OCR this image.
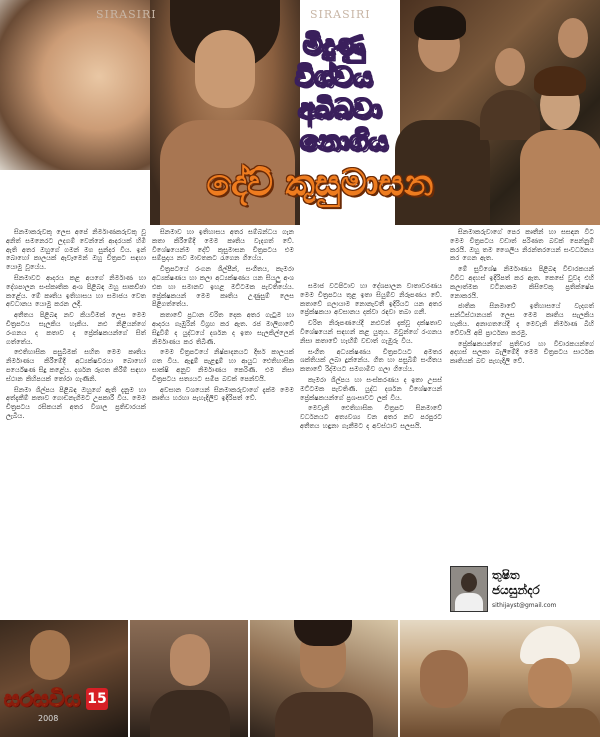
SIRASIRI	SIRASIRI
මිදුණු
විශ්වය
අබිබවා
නොගිය
දේව් කුසුමාසන

සිනමාකරුවකු ලෙස අපේ නිර්මාණකරුවකු වූ අනිත් සමනෙරට ලදගම් වෙන්නේ ආදරයක් හිමි ඇති අතර ඔහුගේ ගමන් මග සුන්දර විය. ඉන් බොහෝ කාලයක් ඇවෑමෙන් ඔහු චිත්‍රපට සඳහා යොමු වූයේය.

සිනමාවට ආදරය කළ අයගේ නිර්මාණ හා දේශපාලන සංස්කෘතික අංශ පිළිබඳ ඔහු සාකච්ඡා කළේය. මේ කෘතිය ඉතිහාසය හා සමාජය වෙත අවධානය යොමු කරන ලදී.

අතීතය පිළිබඳ නව කියවීමක් ලෙස මෙම චිත්‍රපටය සැලකිය හැකිය. නළු නිළියන්ගේ රංගනය ද කතාව ද ප්‍රේක්ෂකයන්ගේ සිත් ගත්තේය.

ඓතිහාසික පසුබිමක් සහිත මෙම කෘතිය නිර්මාණය කිරීමේදී අධ්‍යක්ෂවරයා බොහෝ පර්යේෂණ සිදු කළේය. දර්ශන රූගත කිරීම් සඳහා ස්ථාන කිහිපයක් තෝරා ගැණිනි.

සිනමා ශිල්පය පිළිබඳ ඔහුගේ ඇති දැනුම හා අත්දැකීම් කතාව ගොඩනැගීමට උපකාරී විය. මෙම චිත්‍රපටය රසිකයන් අතර විශාල ප්‍රතිචාරයක් ලැබීය.

සිනමාව හා ඉතිහාසය අතර සම්බන්ධය ගැන කතා කිරීමේදී මෙම කෘතිය වැදගත් වේ. විශේෂයෙන්ම දේව් කුසුමාසන චිත්‍රපටය එම සම්ප්‍රදාය නව මාවතකට රැගෙන ගියේය.

චිත්‍රපටයේ රංගන ශිල්පීන්, සංගීතය, කැමරා අධ්‍යක්ෂණය හා කලා අධ්‍යක්ෂණය යන සියලු අංශ එක හා සමානව ඉහළ මට්ටමක පැවතියේය. ප්‍රේක්ෂකයන් මෙම කෘතිය උණුසුම් ලෙස පිළිගත්තේය.

කතාවේ ප්‍රධාන චරිත දෙක අතර ගැටුම හා ආදරය ගැඹුරින් විග්‍රහ කර ඇත. රජ මාලිගාවේ සිදුවීම් ද යුද්ධයේ දර්ශන ද ඉතා සැලකිල්ලෙන් නිර්මාණය කර තිබිණි.

මෙම චිත්‍රපටයේ නිෂ්පාදනයට දීර්ඝ කාලයක් ගත විය. ඇඳුම් පැළඳුම් හා ආයුධ ඓතිහාසික සාක්ෂි අනුව නිර්මාණය කෙරිණි. එම නිසා චිත්‍රපටය සත්‍යයට සමීප බවක් පෙන්වයි.

අවසාන වශයෙන් සිනමාකරුවාගේ දැක්ම මෙම කෘතිය හරහා පැහැදිලිව ඉදිරිපත් වේ.

සමාජ වටපිටාව හා දේශපාලන වාතාවරණය මෙම චිත්‍රපටය තුළ ඉතා සියුම්ව නිරූපණය වේ. කතාවේ ගලායාම නොනැවතී ඉදිරියට යන අතර ප්‍රේක්ෂකයා අවසානය දක්වා රඳවා තබා ගනී.

චරිත නිරූපණයේදී නළුවන් දැක්වූ දක්ෂතාව විශේෂයෙන් සඳහන් කළ යුතුය. ඔවුන්ගේ රංගනය නිසා කතාවේ හැඟීම් වඩාත් ගැඹුරු විය.

සංගීත අධ්‍යක්ෂණය චිත්‍රපටයට අමතර ශක්තියක් ලබා දුන්නේය. ගීත හා පසුබිම් සංගීතය කතාවේ රිද්මයට සමගාමීව ගලා ගියේය.

කැමරා ශිල්පය හා සංස්කරණය ද ඉතා උසස් මට්ටමක පැවතිණි. යුද්ධ දර්ශන විශේෂයෙන් ප්‍රේක්ෂකයන්ගේ ප්‍රශංසාවට ලක් විය.

මෙවැනි ඓතිහාසික චිත්‍රපට සිනමාවේ වර්ධනයට අත්‍යවශ්‍ය වන අතර නව පරපුරට අතීතය හඳුනා ගැනීමට ද අවස්ථාව සලසයි.

සිනමාකරුවාගේ පෙර කෘතීන් හා සසඳන විට මෙම චිත්‍රපටය වඩාත් පරිණත බවක් පෙන්නුම් කරයි. ඔහු තම ශෛලිය නිරන්තරයෙන් සංවර්ධනය කර ගෙන ඇත.

මේ සුවිශේෂ නිර්මාණය පිළිබඳ විචාරකයන් විවිධ අදහස් ඉදිරිපත් කර ඇත. කෙසේ වුවද එහි කලාත්මක වටිනාකම කිසිවෙකු ප්‍රතික්ෂේප නොකරයි.

ජාතික සිනමාවේ ඉතිහාසයේ වැදගත් සන්ධිස්ථානයක් ලෙස මෙම කෘතිය සැලකිය හැකිය. අනාගතයේදී ද මෙවැනි නිර්මාණ බිහි වේවායි අපි ප්‍රාර්ථනා කරමු.

ප්‍රේක්ෂකයන්ගේ ප්‍රතිචාර හා විචාරකයන්ගේ අදහස් සලකා බැලීමේදී මෙම චිත්‍රපටය සාර්ථක කෘතියක් බව පැහැදිලි වේ.

තුෂිත
ජයසුන්දර
sithijayst@gmail.com
සරසවිය 15
2008
